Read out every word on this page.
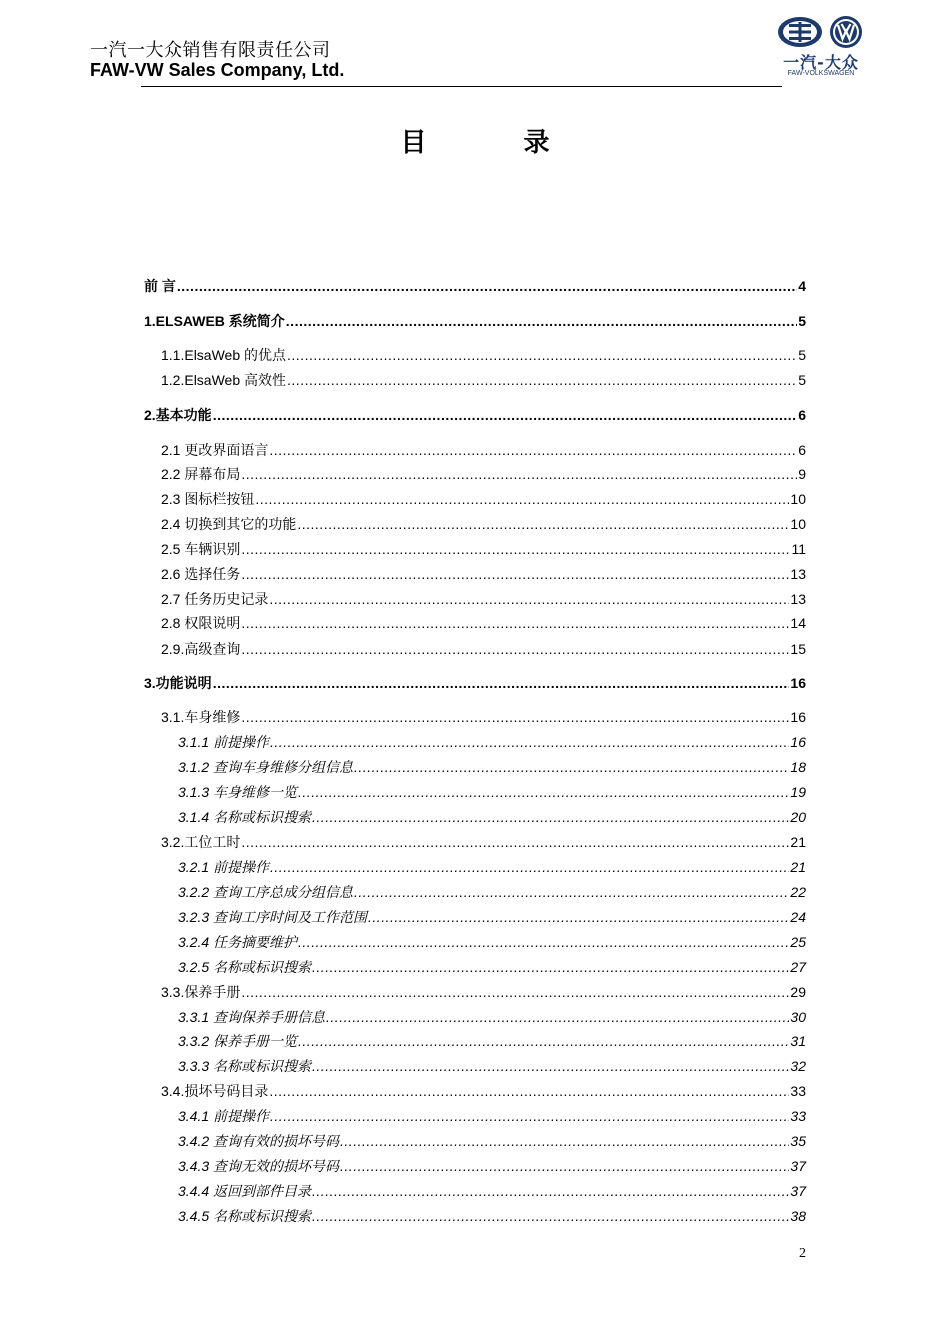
一汽一大众销售有限责任公司
FAW-VW Sales Company, Ltd.	一汽-大众
FAW-VOLKSWAGEN
目 录
前 言 .....	4
1.ELSAWEB 系统简介 .....	5
1.1.ElsaWeb 的优点 .....	5
1.2.ElsaWeb 高效性 .....	5
2.基本功能 .....	6
2.1 更改界面语言 .....	6
2.2 屏幕布局 .....	9
2.3 图标栏按钮 .....	10
2.4 切换到其它的功能 .....	10
2.5 车辆识别 .....	11
2.6 选择任务 .....	13
2.7 任务历史记录 .....	13
2.8 权限说明 .....	14
2.9.高级查询 .....	15
3.功能说明 .....	16
3.1.车身维修 .....	16
3.1.1 前提操作 .....	16
3.1.2 查询车身维修分组信息 .....	18
3.1.3 车身维修一览 .....	19
3.1.4 名称或标识搜索 .....	20
3.2.工位工时 .....	21
3.2.1 前提操作 .....	21
3.2.2 查询工序总成分组信息 .....	22
3.2.3 查询工序时间及工作范围 .....	24
3.2.4 任务摘要维护 .....	25
3.2.5 名称或标识搜索 .....	27
3.3.保养手册 .....	29
3.3.1 查询保养手册信息 .....	30
3.3.2 保养手册一览 .....	31
3.3.3 名称或标识搜索 .....	32
3.4.损坏号码目录 .....	33
3.4.1 前提操作 .....	33
3.4.2 查询有效的损坏号码 .....	35
3.4.3 查询无效的损坏号码 .....	37
3.4.4 返回到部件目录 .....	37
3.4.5 名称或标识搜索 .....	38
2
